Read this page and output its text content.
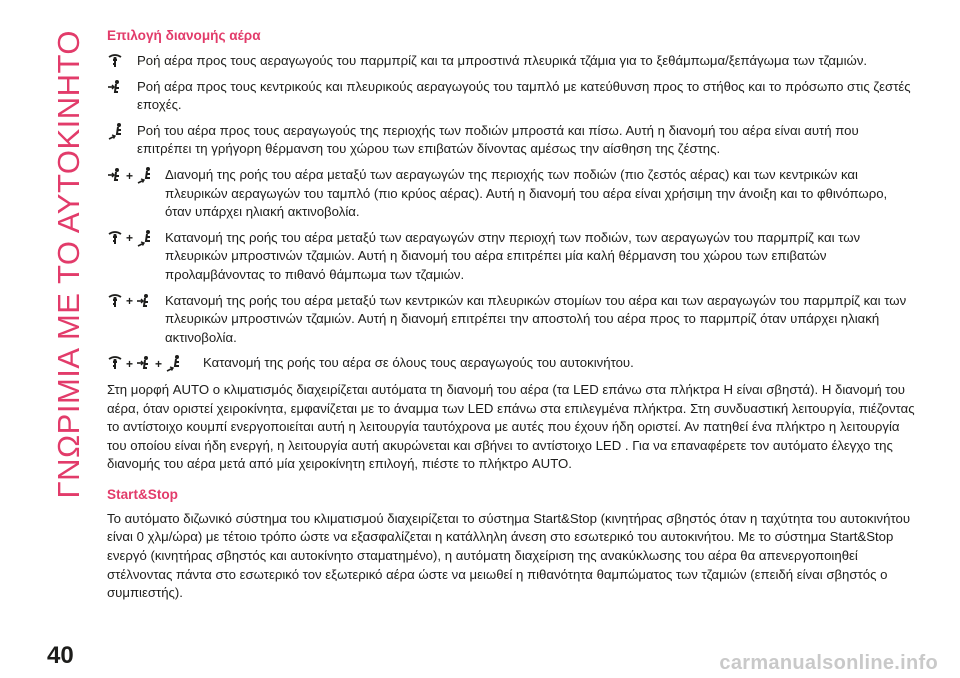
ΓΝΩΡΙΜΙΑ ΜΕ ΤΟ ΑΥΤΟΚΙΝΗΤΟ Επιλογή διανομής αέρα

Ροή αέρα προς τους αεραγωγούς του παρμπρίζ και τα μπροστινά πλευρικά τζάμια για το ξεθάμπωμα/ξεπάγωμα των τζαμιών.

Ροή αέρα προς τους κεντρικούς και πλευρικούς αεραγωγούς του ταμπλό με κατεύθυνση προς το στήθος και το πρόσωπο στις ζεστές εποχές.

Ροή του αέρα προς τους αεραγωγούς της περιοχής των ποδιών μπροστά και πίσω. Αυτή η διανομή του αέρα είναι αυτή που επιτρέπει τη γρήγορη θέρμανση του χώρου των επιβατών δίνοντας αμέσως την αίσθηση της ζέστης.

+ Διανομή της ροής του αέρα μεταξύ των αεραγωγών της περιοχής των ποδιών (πιο ζεστός αέρας) και των κεντρικών και πλευρικών αεραγωγών του ταμπλό (πιο κρύος αέρας). Αυτή η διανομή του αέρα είναι χρήσιμη την άνοιξη και το φθινόπωρο, όταν υπάρχει ηλιακή ακτινοβολία.

+ Κατανομή της ροής του αέρα μεταξύ των αεραγωγών στην περιοχή των ποδιών, των αεραγωγών του παρμπρίζ και των πλευρικών μπροστινών τζαμιών. Αυτή η διανομή του αέρα επιτρέπει μία καλή θέρμανση του χώρου των επιβατών προλαμβάνοντας το πιθανό θάμπωμα των τζαμιών.

+ Κατανομή της ροής του αέρα μεταξύ των κεντρικών και πλευρικών στομίων του αέρα και των αεραγωγών του παρμπρίζ και των πλευρικών μπροστινών τζαμιών. Αυτή η διανομή επιτρέπει την αποστολή του αέρα προς το παρμπρίζ όταν υπάρχει ηλιακή ακτινοβολία.

+ +	Κατανομή της ροής του αέρα σε όλους τους αεραγωγούς του αυτοκινήτου.

Στη μορφή AUTO ο κλιματισμός διαχειρίζεται αυτόματα τη διανομή του αέρα (τα LED επάνω στα πλήκτρα Η είναι σβηστά). Η διανομή του αέρα, όταν οριστεί χειροκίνητα, εμφανίζεται με το άναμμα των LED επάνω στα επιλεγμένα πλήκτρα. Στη συνδυαστική λειτουργία, πιέζοντας το αντίστοιχο κουμπί ενεργοποιείται αυτή η λειτουργία ταυτόχρονα με αυτές που έχουν ήδη οριστεί. Αν πατηθεί ένα πλήκτρο η λειτουργία του οποίου είναι ήδη ενεργή, η λειτουργία αυτή ακυρώνεται και σβήνει το αντίστοιχο LED . Για να επαναφέρετε τον αυτόματο έλεγχο της διανομής του αέρα μετά από μία χειροκίνητη επιλογή, πιέστε το πλήκτρο AUTO.

Start&Stop

Το αυτόματο διζωνικό σύστημα του κλιματισμού διαχειρίζεται το σύστημα Start&Stop (κινητήρας σβηστός όταν η ταχύτητα του αυτοκινήτου είναι 0 χλμ/ώρα) με τέτοιο τρόπο ώστε να εξασφαλίζεται η κατάλληλη άνεση στο εσωτερικό του αυτοκινήτου. Με το σύστημα Start&Stop ενεργό (κινητήρας σβηστός και αυτοκίνητο σταματημένο), η αυτόματη διαχείριση της ανακύκλωσης του αέρα θα απενεργοποιηθεί στέλνοντας πάντα στο εσωτερικό τον εξωτερικό αέρα ώστε να μειωθεί η πιθανότητα θαμπώματος των τζαμιών (επειδή είναι σβηστός ο συμπιεστής).

40	carmanualsonline.info
